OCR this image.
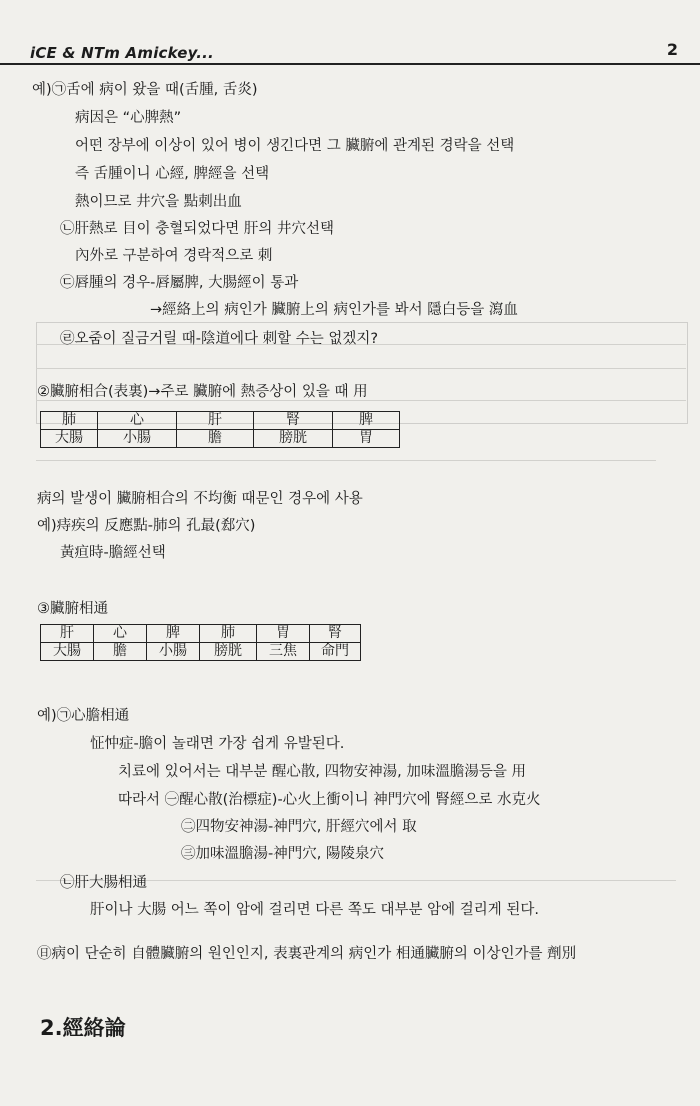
iCE & NTm Amickey...	2
예)㉠舌에 病이 왔을 때(舌腫, 舌炎)
病因은 “心脾熱”
어떤 장부에 이상이 있어 병이 생긴다면 그 臟腑에 관계된 경락을 선택
즉 舌腫이니 心經, 脾經을 선택
熱이므로 井穴을 點刺出血
㉡肝熱로 目이 충혈되었다면 肝의 井穴선택
內外로 구분하여 경락적으로 刺
㉢唇腫의 경우-唇屬脾, 大腸經이 통과
→經絡上의 病인가 臟腑上의 病인가를 봐서 隱白등을 瀉血
㉣오줌이 질금거릴 때-陰道에다 刺할 수는 없겠지?
②臟腑相合(表裏)→주로 臟腑에 熱증상이 있을 때 用
肺	心	肝	腎	脾
大腸	小腸	膽	膀胱	胃
病의 발생이 臟腑相合의 不均衡 때문인 경우에 사용
예)痔疾의 反應點-肺의 孔最(郄穴)
黃疸時-膽經선택
③臟腑相通
肝	心	脾	肺	胃	腎
大腸	膽	小腸	膀胱	三焦	命門
예)㉠心膽相通
怔忡症-膽이 놀래면 가장 쉽게 유발된다.
치료에 있어서는 대부분 醒心散, 四物安神湯, 加味溫膽湯등을 用
따라서 ㊀醒心散(治標症)-心火上衝이니 神門穴에 腎經으로 水克火
㊁四物安神湯-神門穴, 肝經穴에서 取
㊂加味溫膽湯-神門穴, 陽陵泉穴
㉡肝大腸相通
肝이나 大腸 어느 쪽이 암에 걸리면 다른 쪽도 대부분 암에 걸리게 된다.
㊐病이 단순히 自體臟腑의 원인인지, 表裏관계의 病인가 相通臟腑의 이상인가를 劑別
2.經絡論
